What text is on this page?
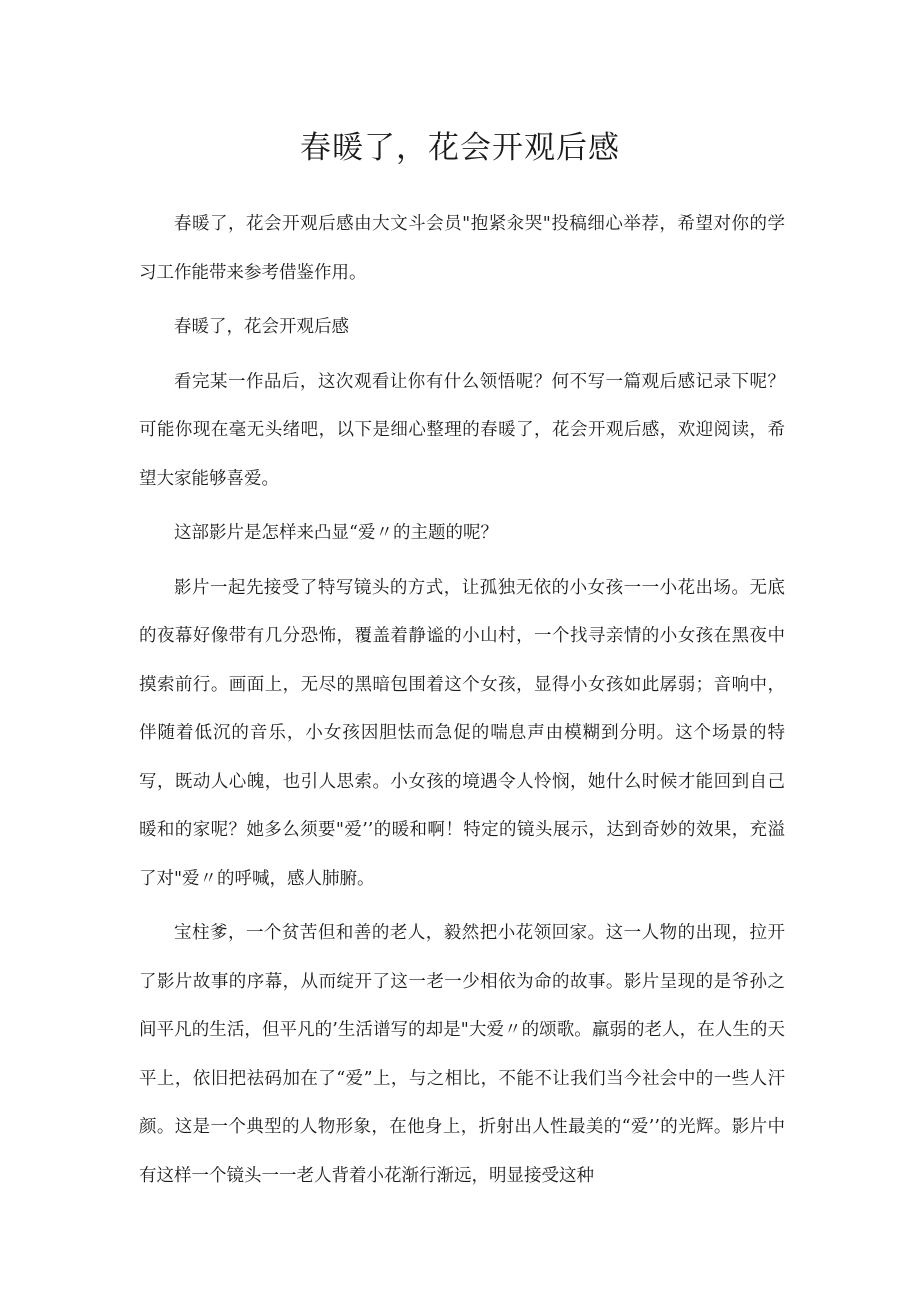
春暖了，花会开观后感

春暖了，花会开观后感由大文斗会员"抱紧汆哭"投稿细心举荐，希望对你的学习工作能带来参考借鉴作用。

春暖了，花会开观后感

看完某一作品后，这次观看让你有什么领悟呢？何不写一篇观后感记录下呢？可能你现在毫无头绪吧，以下是细心整理的春暖了，花会开观后感，欢迎阅读，希望大家能够喜爱。

这部影片是怎样来凸显“爱〃的主题的呢？

影片一起先接受了特写镜头的方式，让孤独无依的小女孩一一小花出场。无底的夜幕好像带有几分恐怖，覆盖着静谧的小山村，一个找寻亲情的小女孩在黑夜中摸索前行。画面上，无尽的黑暗包围着这个女孩，显得小女孩如此孱弱；音响中，伴随着低沉的音乐，小女孩因胆怯而急促的喘息声由模糊到分明。这个场景的特写，既动人心魄，也引人思索。小女孩的境遇令人怜悯，她什么时候才能回到自己暖和的家呢？她多么须要"爱’’的暖和啊！特定的镜头展示，达到奇妙的效果，充溢了对"爱〃的呼喊，感人肺腑。

宝柱爹，一个贫苦但和善的老人，毅然把小花领回家。这一人物的出现，拉开了影片故事的序幕，从而绽开了这一老一少相依为命的故事。影片呈现的是爷孙之间平凡的生活，但平凡的’生活谱写的却是"大爱〃的颂歌。羸弱的老人，在人生的天平上，依旧把祛码加在了“爱”上，与之相比，不能不让我们当今社会中的一些人汗颜。这是一个典型的人物形象，在他身上，折射出人性最美的“爱’’的光辉。影片中有这样一个镜头一一老人背着小花渐行渐远，明显接受这种
